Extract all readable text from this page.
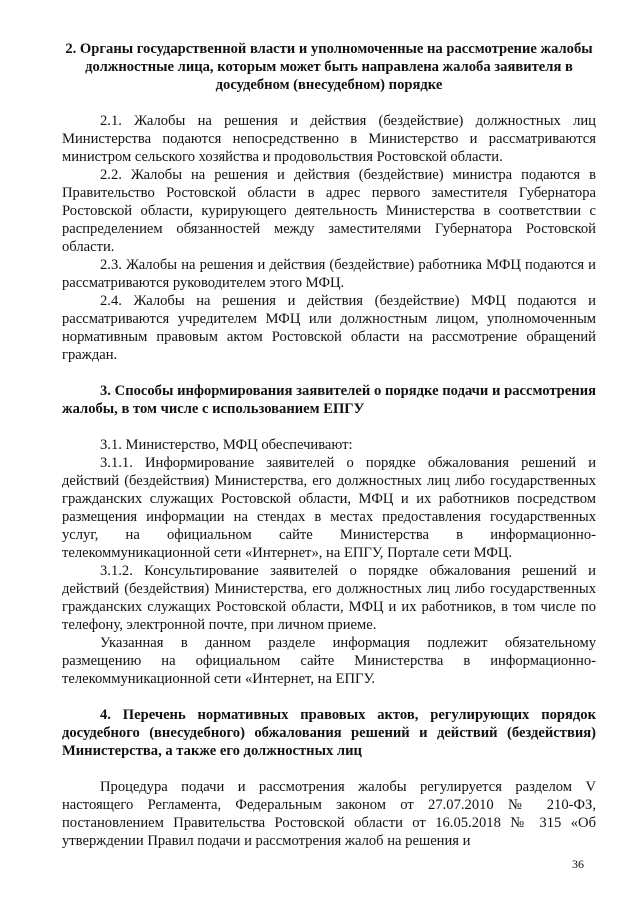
2. Органы государственной власти и уполномоченные на рассмотрение жалобы должностные лица, которым может быть направлена жалоба заявителя в досудебном (внесудебном) порядке

2.1. Жалобы на решения и действия (бездействие) должностных лиц Министерства подаются непосредственно в Министерство и рассматриваются министром сельского хозяйства и продовольствия Ростовской области.

2.2. Жалобы на решения и действия (бездействие) министра подаются в Правительство Ростовской области в адрес первого заместителя Губернатора Ростовской области, курирующего деятельность Министерства в соответствии с распределением обязанностей между заместителями Губернатора Ростовской области.

2.3. Жалобы на решения и действия (бездействие) работника МФЦ подаются и рассматриваются руководителем этого МФЦ.

2.4. Жалобы на решения и действия (бездействие) МФЦ подаются и рассматриваются учредителем МФЦ или должностным лицом, уполномоченным нормативным правовым актом Ростовской области на рассмотрение обращений граждан.

3. Способы информирования заявителей о порядке подачи и рассмотрения жалобы, в том числе с использованием ЕПГУ

3.1. Министерство, МФЦ обеспечивают:

3.1.1. Информирование заявителей о порядке обжалования решений и действий (бездействия) Министерства, его должностных лиц либо государственных гражданских служащих Ростовской области, МФЦ и их работников посредством размещения информации на стендах в местах предоставления государственных услуг, на официальном сайте Министерства в информационно-телекоммуникационной сети «Интернет», на ЕПГУ, Портале сети МФЦ.

3.1.2. Консультирование заявителей о порядке обжалования решений и действий (бездействия) Министерства, его должностных лиц либо государственных гражданских служащих Ростовской области, МФЦ и их работников, в том числе по телефону, электронной почте, при личном приеме.

Указанная в данном разделе информация подлежит обязательному размещению на официальном сайте Министерства в информационно-телекоммуникационной сети «Интернет, на ЕПГУ.

4. Перечень нормативных правовых актов, регулирующих порядок досудебного (внесудебного) обжалования решений и действий (бездействия) Министерства, а также его должностных лиц

Процедура подачи и рассмотрения жалобы регулируется разделом V настоящего Регламента, Федеральным законом от 27.07.2010 № 210-ФЗ, постановлением Правительства Ростовской области от 16.05.2018 № 315 «Об утверждении Правил подачи и рассмотрения жалоб на решения и

36
